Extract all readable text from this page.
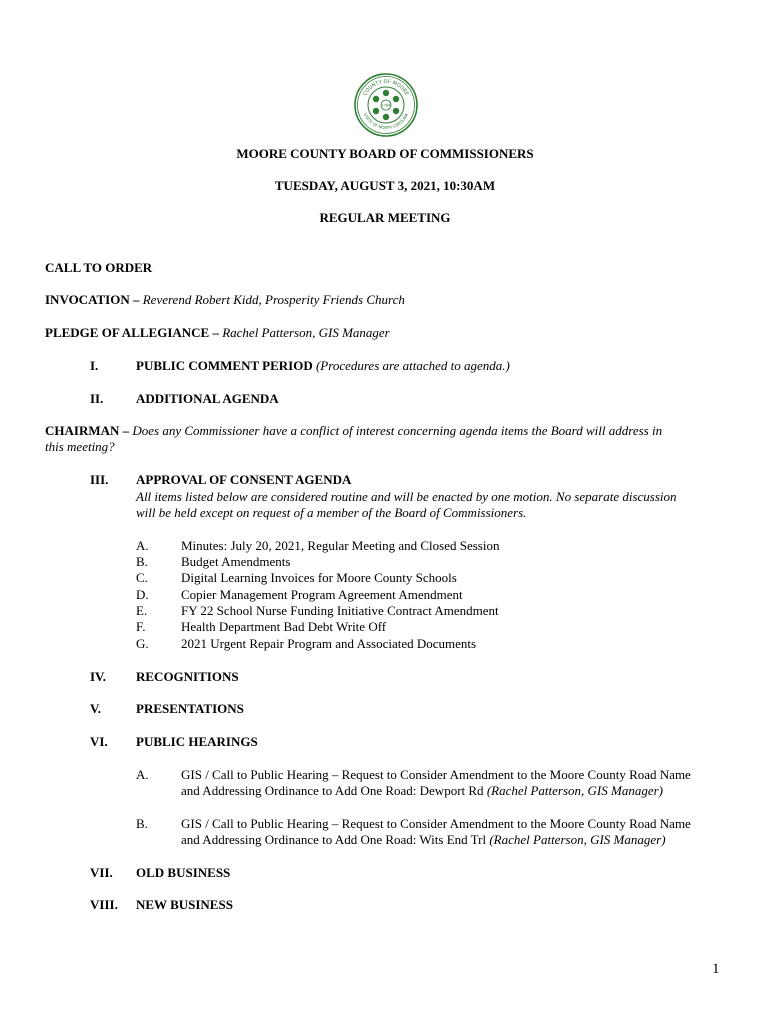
COUNTY OF MOORE
STATE OF NORTH CAROLINA
1784
MOORE COUNTY BOARD OF COMMISSIONERS
TUESDAY, AUGUST 3, 2021, 10:30AM
REGULAR MEETING
CALL TO ORDER
INVOCATION – Reverend Robert Kidd, Prosperity Friends Church
PLEDGE OF ALLEGIANCE – Rachel Patterson, GIS Manager
I.	PUBLIC COMMENT PERIOD (Procedures are attached to agenda.)
II.	ADDITIONAL AGENDA
CHAIRMAN – Does any Commissioner have a conflict of interest concerning agenda items the Board will address in
this meeting?
III. APPROVAL OF CONSENT AGENDA
All items listed below are considered routine and will be enacted by one motion. No separate discussion
will be held except on request of a member of the Board of Commissioners.
A. Minutes: July 20, 2021, Regular Meeting and Closed Session
B.	Budget Amendments
C.	Digital Learning Invoices for Moore County Schools
D. Copier Management Program Agreement Amendment
E.	FY 22 School Nurse Funding Initiative Contract Amendment
F.	Health Department Bad Debt Write Off
G. 2021 Urgent Repair Program and Associated Documents
IV. RECOGNITIONS
V.	PRESENTATIONS
VI. PUBLIC HEARINGS
A. GIS / Call to Public Hearing – Request to Consider Amendment to the Moore County Road Name
and Addressing Ordinance to Add One Road: Dewport Rd (Rachel Patterson, GIS Manager)
B.	GIS / Call to Public Hearing – Request to Consider Amendment to the Moore County Road Name
and Addressing Ordinance to Add One Road: Wits End Trl (Rachel Patterson, GIS Manager)
VII. OLD BUSINESS
VIII. NEW BUSINESS
1
